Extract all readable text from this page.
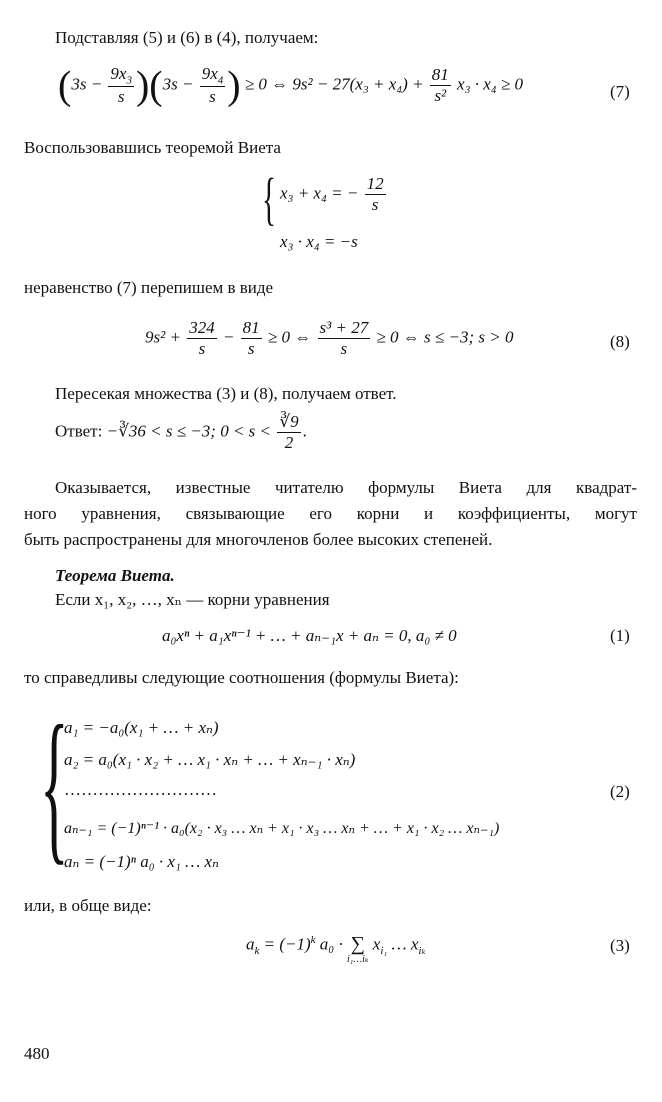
Подставляя (5) и (6) в (4), получаем:
$(3s - \frac{9x_3}{s} )(3s - \frac{9x_4}{s}$ ) ≥ 0 ⇔ $9s^2 - 27(x_3 + x_4) + \frac{81}{\text{s²}} x_3 \cdot x_4 \ge 0$	(7)
Воспользовавшись теоремой Виета
{ x₃ + x₄ = − $\frac{12}{s}$
x₃ · x₄ = −s
неравенство (7) перепишем в виде
$9s^2 + \frac{324}{s} - \frac{81}{s} \ge 0$ ⇔ $\frac{\text{s³ + 27}}{s} \ge 0$ ⇔ s ≤ −3; s > 0	(8)
Пересекая множества (3) и (8), получаем ответ.
Ответ: −∛36 < s ≤ −3; $0 < s < \frac{∛9}{2}$ .
Оказывается, известные читателю формулы Виета для квадрат-
ного уравнения, связывающие его корни и коэффициенты, могут
быть распространены для многочленов более высоких степеней.
Теорема Виета.
Если x₁, x₂, …, xₙ — корни уравнения
a₀xⁿ + a₁xⁿ⁻¹ + … + aₙ₋₁x + aₙ = 0, a₀ ≠ 0	(1)
то справедливы следующие соотношения (формулы Виета):
{
a₁ = −a₀(x₁ + … + xₙ)
a₂ = a₀(x₁ · x₂ + … x₁ · xₙ + … + xₙ₋₁ · xₙ)
………………………	(2)
aₙ₋₁ = (−1)ⁿ⁻¹ · a₀(x₂ · x₃ … xₙ + x₁ · x₃ … xₙ + … + x₁ · x₂ … xₙ₋₁)
aₙ = (−1)ⁿ a₀ · x₁ … xₙ
или, в обще виде:
$a_k = (-1)^k$ a₀ · ∑
i₁…iₖ
$x_{i_1}$ … $x_{i_k}$	(3)
480
